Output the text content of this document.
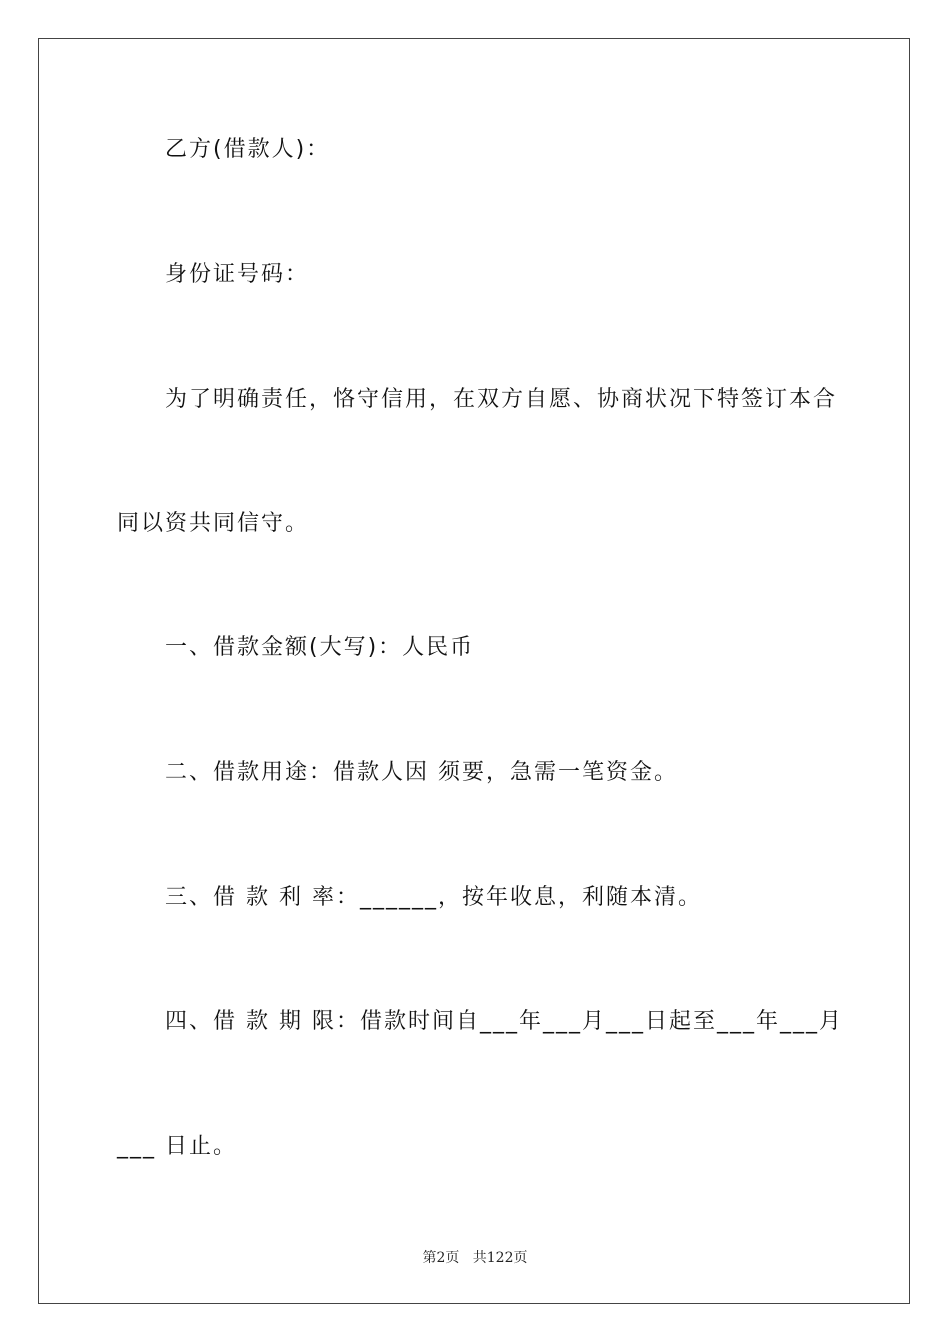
乙方(借款人)：
身份证号码：
为了明确责任，恪守信用，在双方自愿、协商状况下特签订本合
同以资共同信守。
一、借款金额(大写)：人民币
二、借款用途：借款人因 须要，急需一笔资金。
三、借 款 利 率：______，按年收息，利随本清。
四、借 款 期 限：借款时间自___年___月___日起至___年___月
___ 日止。
第2页   共122页
